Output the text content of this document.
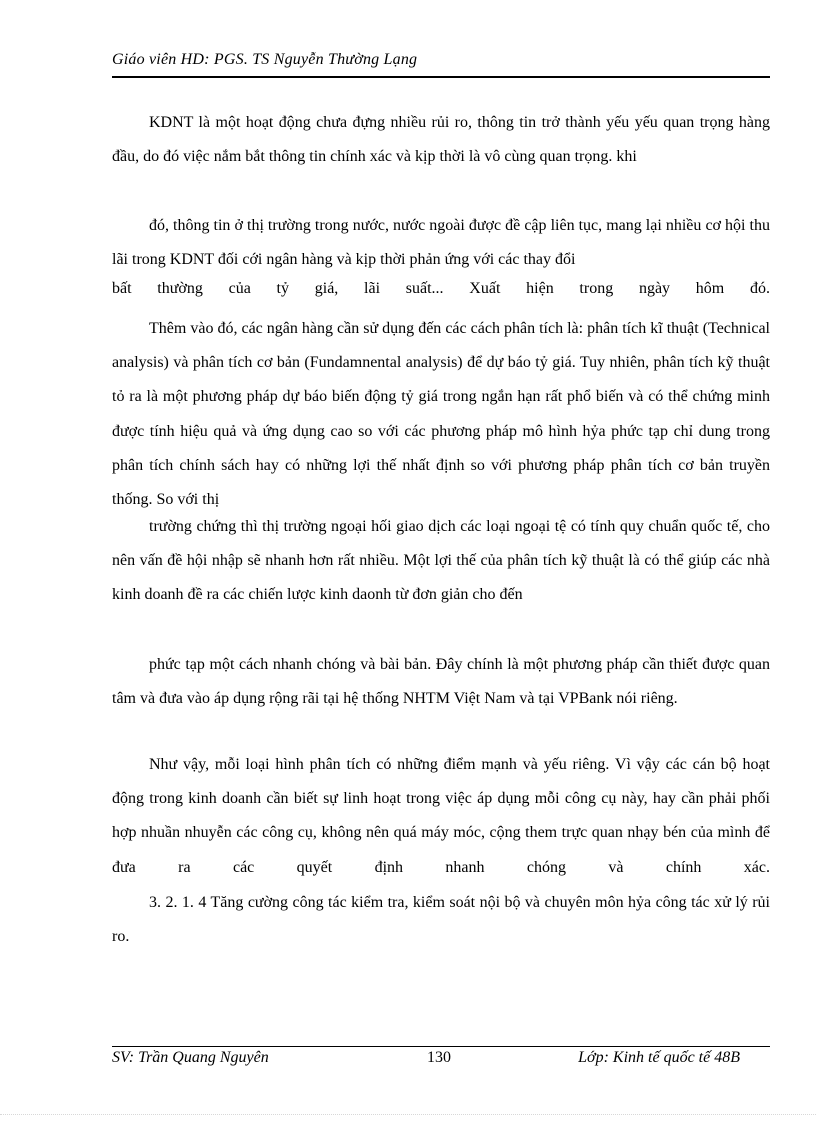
Giáo viên HD: PGS. TS Nguyễn Thường Lạng

KDNT là một hoạt động chưa đựng nhiều rủi ro, thông tin trở thành yếu yếu quan trọng hàng đầu, do đó việc nắm bắt thông tin chính xác và kịp thời là vô cùng quan trọng. khi

đó, thông tin ở thị trường trong nước, nước ngoài được đề cập liên tục, mang lại nhiều cơ hội thu lãi trong KDNT đối cới ngân hàng và kịp thời phản ứng với các thay đổi

bất thường của tỷ giá, lãi suất... Xuất hiện trong ngày hôm đó.

Thêm vào đó, các ngân hàng cần sử dụng đến các cách phân tích là: phân tích kĩ thuật (Technical analysis) và phân tích cơ bản (Fundamnental analysis) để dự báo tỷ giá. Tuy nhiên, phân tích kỹ thuật tỏ ra là một phương pháp dự báo biến động tỷ giá trong ngắn hạn rất phổ biến và có thể chứng minh được tính hiệu quả và ứng dụng cao so với các phương pháp mô hình hỷa phức tạp chỉ dung trong phân tích chính sách hay có những lợi thế nhất định so với phương pháp phân tích cơ bản truyền thống. So với thị

trường chứng thì thị trường ngoại hối giao dịch các loại ngoại tệ có tính quy chuẩn quốc tế, cho nên vấn đề hội nhập sẽ nhanh hơn rất nhiều. Một lợi thế của phân tích kỹ thuật là có thể giúp các nhà kinh doanh đề ra các chiến lược kinh daonh từ đơn giản cho đến

phức tạp một cách nhanh chóng và bài bản. Đây chính là một phương pháp cần thiết được quan tâm và đưa vào áp dụng rộng rãi tại hệ thống NHTM Việt Nam và tại VPBank nói riêng.

Như vậy, mỗi loại hình phân tích có những điểm mạnh và yếu riêng. Vì vậy các cán bộ hoạt động trong kinh doanh cần biết sự linh hoạt trong việc áp dụng mỗi công cụ này, hay cần phải phối hợp nhuần nhuyễn các công cụ, không nên quá máy móc, cộng them trực quan nhạy bén của mình để đưa ra các quyết định nhanh chóng và chính xác.

3. 2. 1. 4 Tăng cường công tác kiểm tra, kiểm soát nội bộ và chuyên môn hỷa công tác xử lý rủi ro.

SV: Trần Quang Nguyên	130	Lớp: Kinh tế quốc tế 48B
